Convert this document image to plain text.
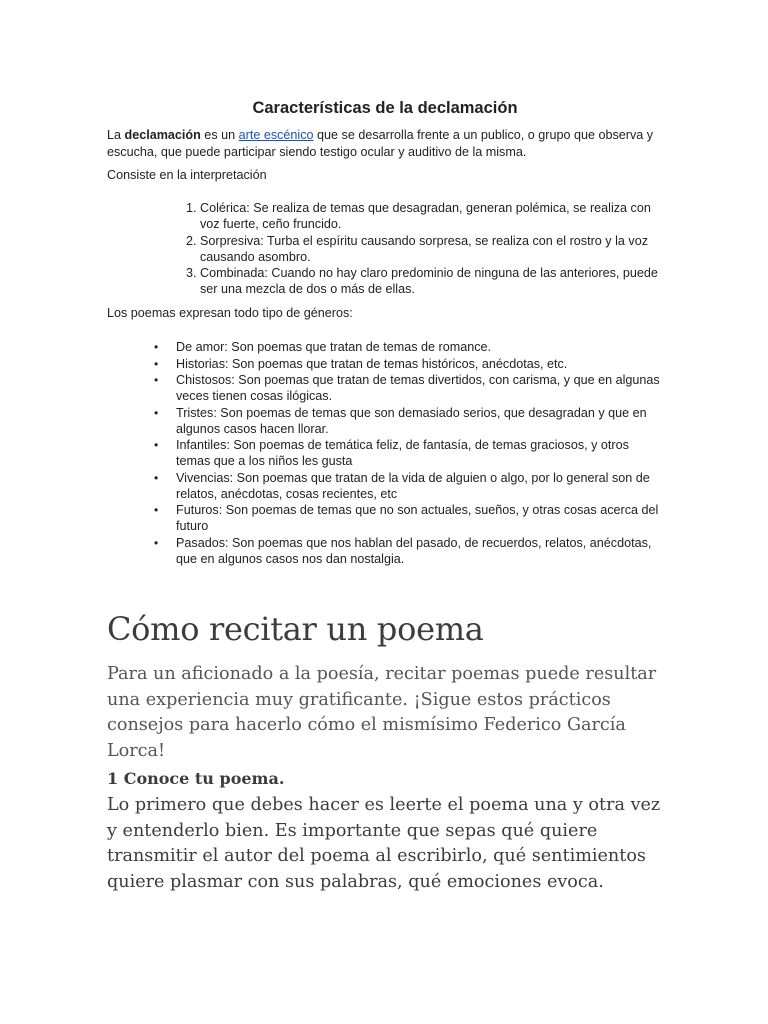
Características de la declamación

La declamación es un arte escénico que se desarrolla frente a un publico, o grupo que observa y escucha, que puede participar siendo testigo ocular y auditivo de la misma.

Consiste en la interpretación

1. Colérica: Se realiza de temas que desagradan, generan polémica, se realiza con voz fuerte, ceño fruncido.
2. Sorpresiva: Turba el espíritu causando sorpresa, se realiza con el rostro y la voz causando asombro.
3. Combinada: Cuando no hay claro predominio de ninguna de las anteriores, puede ser una mezcla de dos o más de ellas.

Los poemas expresan todo tipo de géneros:

• De amor: Son poemas que tratan de temas de romance.
• Historias: Son poemas que tratan de temas históricos, anécdotas, etc.
• Chistosos: Son poemas que tratan de temas divertidos, con carisma, y que en algunas veces tienen cosas ilógicas.
• Tristes: Son poemas de temas que son demasiado serios, que desagradan y que en algunos casos hacen llorar.
• Infantiles: Son poemas de temática feliz, de fantasía, de temas graciosos, y otros temas que a los niños les gusta
• Vivencias: Son poemas que tratan de la vida de alguien o algo, por lo general son de relatos, anécdotas, cosas recientes, etc
• Futuros: Son poemas de temas que no son actuales, sueños, y otras cosas acerca del futuro
• Pasados: Son poemas que nos hablan del pasado, de recuerdos, relatos, anécdotas, que en algunos casos nos dan nostalgia.
Cómo recitar un poema

Para un aficionado a la poesía, recitar poemas puede resultar una experiencia muy gratificante. ¡Sigue estos prácticos consejos para hacerlo cómo el mismísimo Federico García Lorca!

1 Conoce tu poema.

Lo primero que debes hacer es leerte el poema una y otra vez y entenderlo bien. Es importante que sepas qué quiere transmitir el autor del poema al escribirlo, qué sentimientos quiere plasmar con sus palabras, qué emociones evoca.
